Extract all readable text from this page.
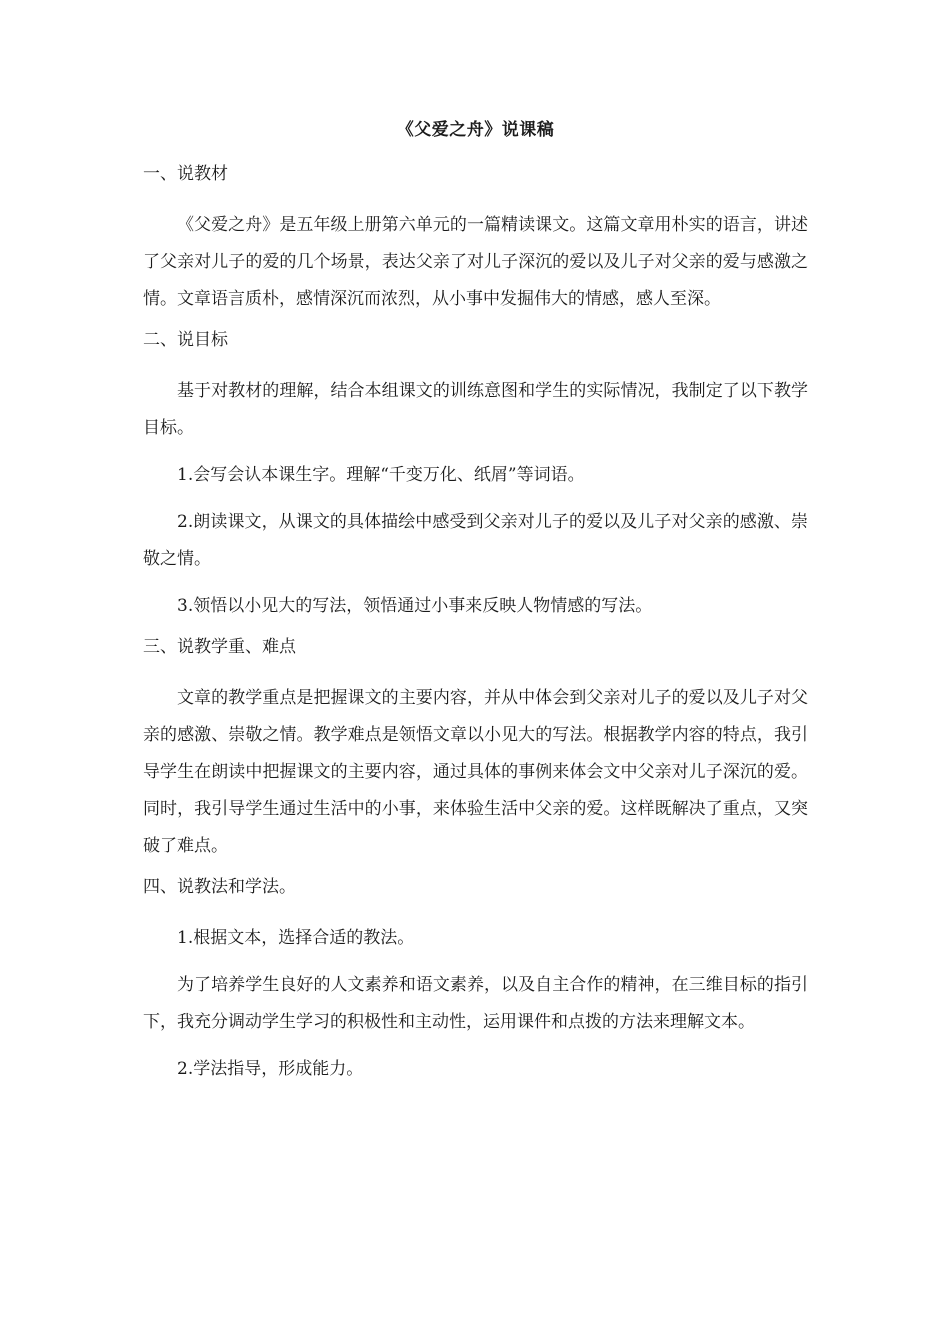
《父爱之舟》说课稿
一、说教材
《父爱之舟》是五年级上册第六单元的一篇精读课文。这篇文章用朴实的语言，讲述了父亲对儿子的爱的几个场景，表达父亲了对儿子深沉的爱以及儿子对父亲的爱与感激之情。文章语言质朴，感情深沉而浓烈，从小事中发掘伟大的情感，感人至深。
二、说目标
基于对教材的理解，结合本组课文的训练意图和学生的实际情况，我制定了以下教学目标。
1.会写会认本课生字。理解“千变万化、纸屑”等词语。
2.朗读课文，从课文的具体描绘中感受到父亲对儿子的爱以及儿子对父亲的感激、崇敬之情。
3.领悟以小见大的写法，领悟通过小事来反映人物情感的写法。
三、说教学重、难点
文章的教学重点是把握课文的主要内容，并从中体会到父亲对儿子的爱以及儿子对父亲的感激、崇敬之情。教学难点是领悟文章以小见大的写法。根据教学内容的特点，我引导学生在朗读中把握课文的主要内容，通过具体的事例来体会文中父亲对儿子深沉的爱。同时，我引导学生通过生活中的小事，来体验生活中父亲的爱。这样既解决了重点，又突破了难点。
四、说教法和学法。
1.根据文本，选择合适的教法。
为了培养学生良好的人文素养和语文素养，以及自主合作的精神，在三维目标的指引下，我充分调动学生学习的积极性和主动性，运用课件和点拨的方法来理解文本。
2.学法指导，形成能力。
